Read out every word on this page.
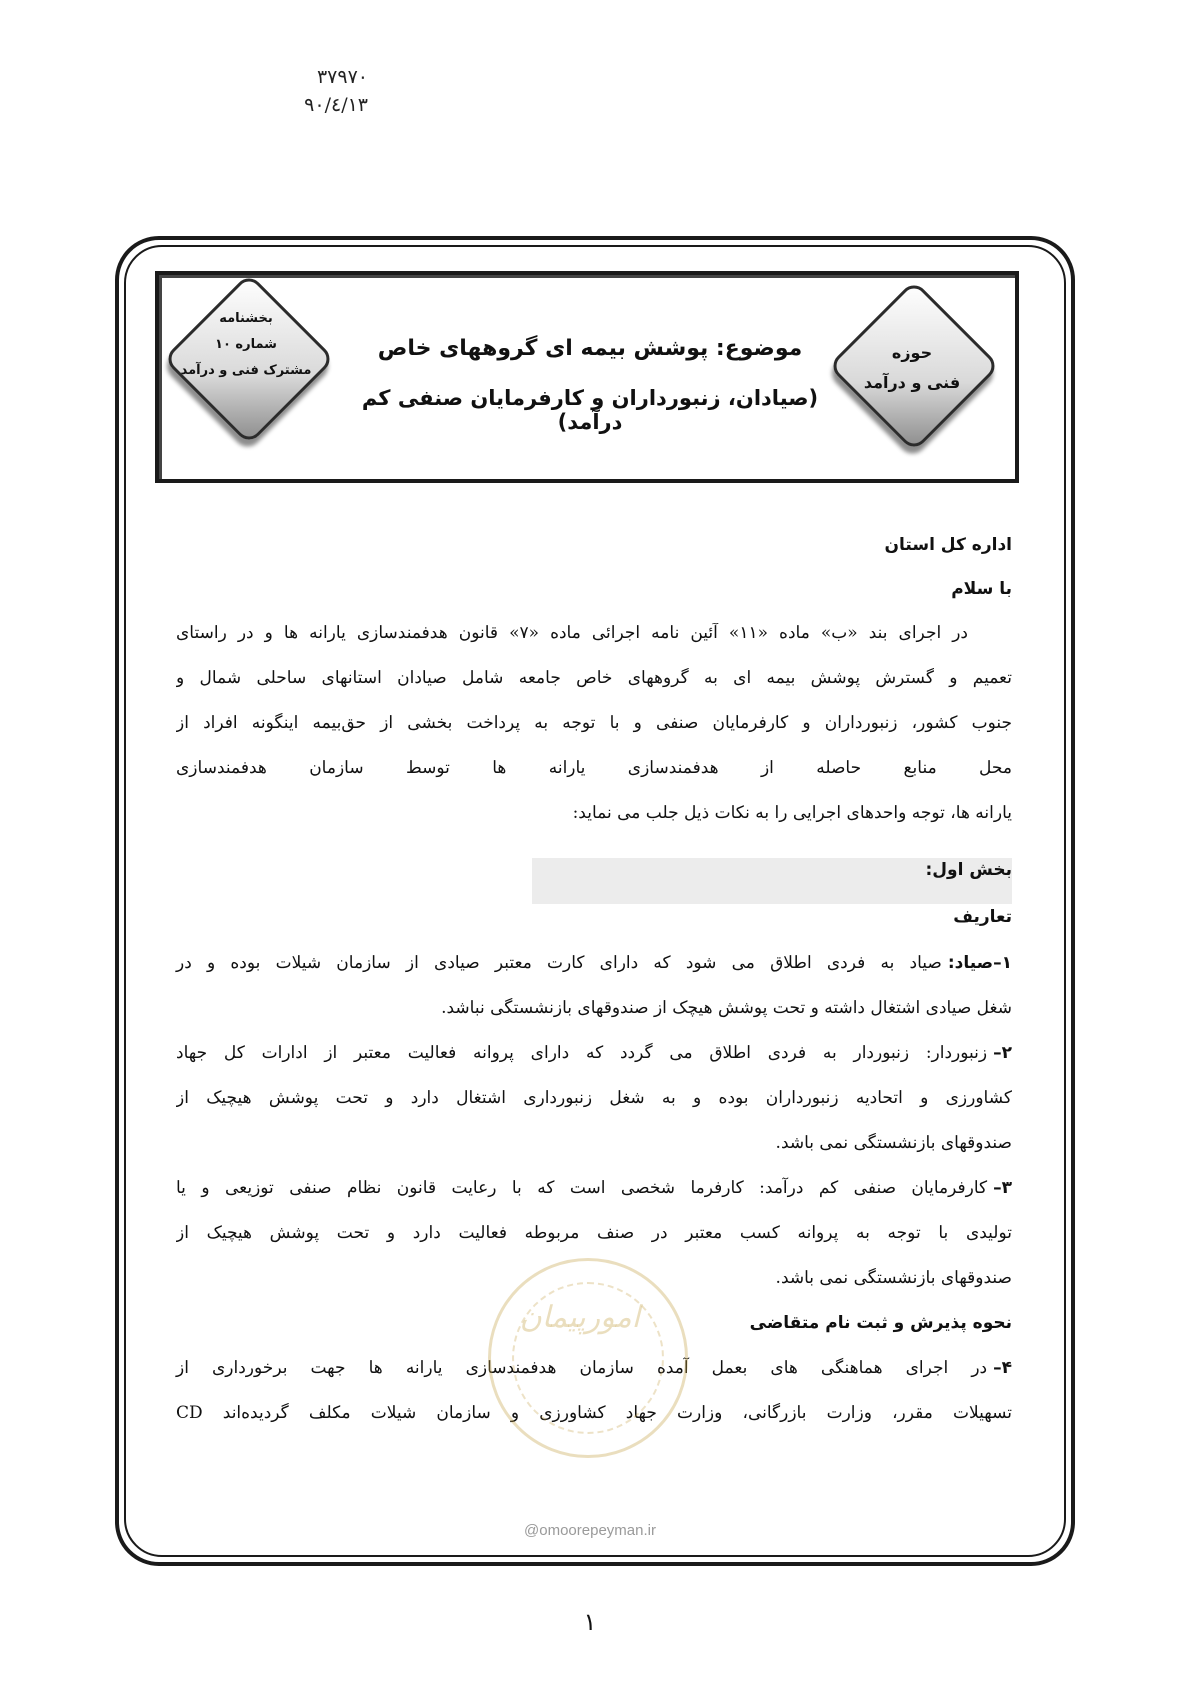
۳۷۹۷۰
۹۰/٤/۱۳
بخشنامه
شماره ۱۰
مشترک فنی و درآمد
حوزه
فنی و درآمد
موضوع: پوشش بیمه ای گروههای خاص
(صیادان، زنبورداران و کارفرمایان صنفی کم درآمد)
اداره کل استان
با سلام
در اجرای بند «ب» ماده «۱۱» آئین نامه اجرائی ماده «۷» قانون هدفمندسازی یارانه ها و در راستای
تعمیم و گسترش پوشش بیمه ای به گروههای خاص جامعه شامل صیادان استانهای ساحلی شمال و
جنوب کشور، زنبورداران و کارفرمایان صنفی و با توجه به پرداخت بخشی از حق‌بیمه اینگونه افراد از
محل منابع حاصله از هدفمندسازی یارانه ها توسط سازمان هدفمندسازی
یارانه ها، توجه واحدهای اجرایی را به نکات ذیل جلب می نماید:
بخش اول:
تعاریف
۱–
صیاد:
صیاد به فردی اطلاق می شود که دارای کارت معتبر صیادی از سازمان شیلات بوده و در
شغل صیادی اشتغال داشته و تحت پوشش هیچک از صندوقهای بازنشستگی نباشد.
۲–
زنبوردار: زنبوردار به فردی اطلاق می گردد که دارای پروانه فعالیت معتبر از ادارات کل جهاد
کشاورزی و اتحادیه زنبورداران بوده و به شغل زنبورداری اشتغال دارد و تحت پوشش هیچیک از
صندوقهای بازنشستگی نمی باشد.
۳–
کارفرمایان صنفی کم درآمد: کارفرما شخصی است که با رعایت قانون نظام صنفی توزیعی و یا
تولیدی با توجه به پروانه کسب معتبر در صنف مربوطه فعالیت دارد و تحت پوشش هیچیک از
صندوقهای بازنشستگی نمی باشد.
نحوه پذیرش و ثبت نام متقاضی
۴–
در اجرای هماهنگی های بعمل آمده سازمان هدفمندسازی یارانه ها جهت برخورداری از
تسهیلات مقرر، وزارت بازرگانی، وزارت جهاد کشاورزی و سازمان شیلات مکلف گردیده‌اند CD
امورپیمان
@omoorepeyman.ir
۱
